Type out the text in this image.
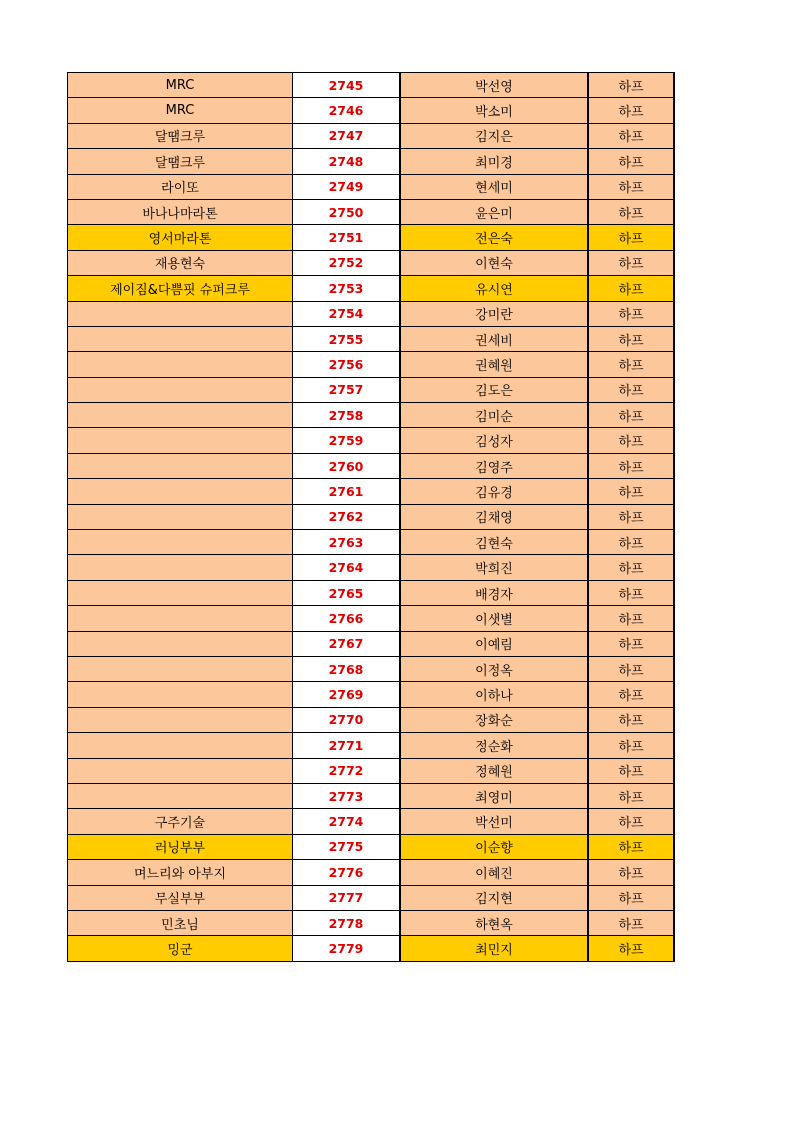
MRC	2745	박선영	하프
MRC	2746	박소미	하프
달땜크루	2747	김지은	하프
달땜크루	2748	최미경	하프
라이또	2749	현세미	하프
바나나마라톤	2750	윤은미	하프
영서마라톤	2751	전은숙	하프
재용현숙	2752	이현숙	하프
제이짐&다쁨핏 슈퍼크루	2753	유시연	하프
	2754	강미란	하프
	2755	권세비	하프
	2756	권혜원	하프
	2757	김도은	하프
	2758	김미순	하프
	2759	김성자	하프
	2760	김영주	하프
	2761	김유경	하프
	2762	김채영	하프
	2763	김현숙	하프
	2764	박희진	하프
	2765	배경자	하프
	2766	이샛별	하프
	2767	이예림	하프
	2768	이정옥	하프
	2769	이하나	하프
	2770	장화순	하프
	2771	정순화	하프
	2772	정혜원	하프
	2773	최영미	하프
구주기술	2774	박선미	하프
러닝부부	2775	이순향	하프
며느리와 아부지	2776	이혜진	하프
무실부부	2777	김지현	하프
민초님	2778	하현옥	하프
밍군	2779	최민지	하프
